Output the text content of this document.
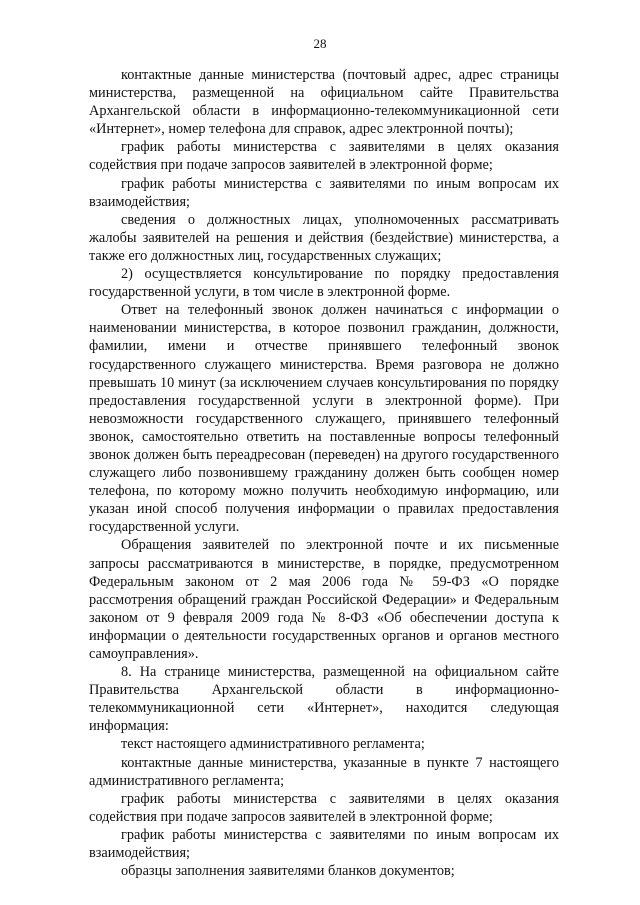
28

контактные данные министерства (почтовый адрес, адрес страницы министерства, размещенной на официальном сайте Правительства Архангельской области в информационно-телекоммуникационной сети «Интернет», номер телефона для справок, адрес электронной почты);

график работы министерства с заявителями в целях оказания содействия при подаче запросов заявителей в электронной форме;

график работы министерства с заявителями по иным вопросам их взаимодействия;

сведения о должностных лицах, уполномоченных рассматривать жалобы заявителей на решения и действия (бездействие) министерства, а также его должностных лиц, государственных служащих;

2) осуществляется консультирование по порядку предоставления государственной услуги, в том числе в электронной форме.

Ответ на телефонный звонок должен начинаться с информации о наименовании министерства, в которое позвонил гражданин, должности, фамилии, имени и отчестве принявшего телефонный звонок государственного служащего министерства. Время разговора не должно превышать 10 минут (за исключением случаев консультирования по порядку предоставления государственной услуги в электронной форме). При невозможности государственного служащего, принявшего телефонный звонок, самостоятельно ответить на поставленные вопросы телефонный звонок должен быть переадресован (переведен) на другого государственного служащего либо позвонившему гражданину должен быть сообщен номер телефона, по которому можно получить необходимую информацию, или указан иной способ получения информации о правилах предоставления государственной услуги.

Обращения заявителей по электронной почте и их письменные запросы рассматриваются в министерстве, в порядке, предусмотренном Федеральным законом от 2 мая 2006 года № 59-ФЗ «О порядке рассмотрения обращений граждан Российской Федерации» и Федеральным законом от 9 февраля 2009 года № 8-ФЗ «Об обеспечении доступа к информации о деятельности государственных органов и органов местного самоуправления».

8. На странице министерства, размещенной на официальном сайте Правительства Архангельской области в информационно-телекоммуникационной сети «Интернет», находится следующая информация:

текст настоящего административного регламента;

контактные данные министерства, указанные в пункте 7 настоящего административного регламента;

график работы министерства с заявителями в целях оказания содействия при подаче запросов заявителей в электронной форме;

график работы министерства с заявителями по иным вопросам их взаимодействия;

образцы заполнения заявителями бланков документов;
